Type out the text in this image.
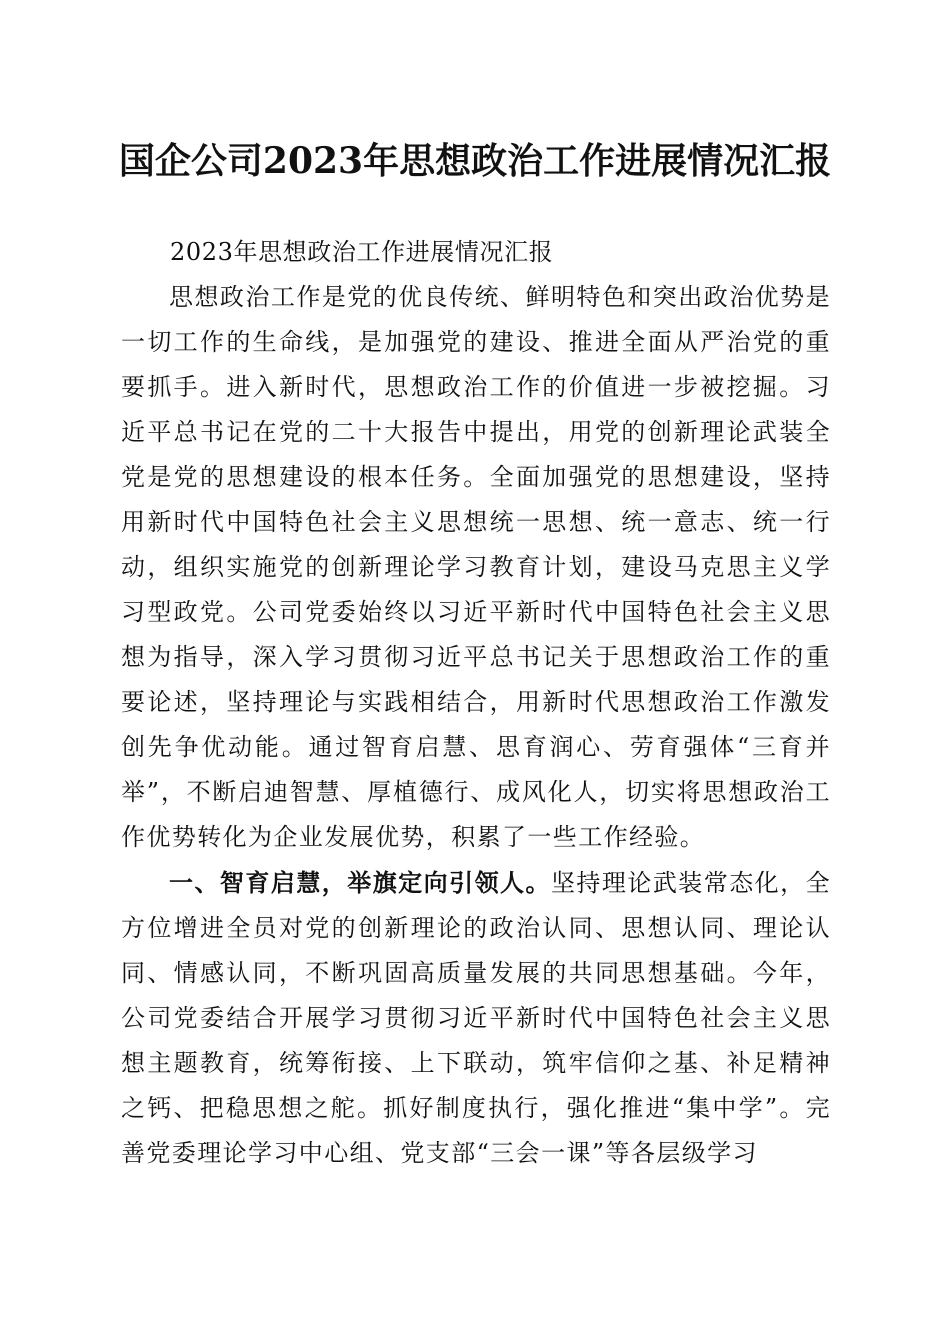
国企公司2023年思想政治工作进展情况汇报
2023年思想政治工作进展情况汇报

思想政治工作是党的优良传统、鲜明特色和突出政治优势是一切工作的生命线，是加强党的建设、推进全面从严治党的重要抓手。进入新时代，思想政治工作的价值进一步被挖掘。习近平总书记在党的二十大报告中提出，用党的创新理论武装全党是党的思想建设的根本任务。全面加强党的思想建设，坚持用新时代中国特色社会主义思想统一思想、统一意志、统一行动，组织实施党的创新理论学习教育计划，建设马克思主义学习型政党。公司党委始终以习近平新时代中国特色社会主义思想为指导，深入学习贯彻习近平总书记关于思想政治工作的重要论述，坚持理论与实践相结合，用新时代思想政治工作激发创先争优动能。通过智育启慧、思育润心、劳育强体“三育并举”，不断启迪智慧、厚植德行、成风化人，切实将思想政治工作优势转化为企业发展优势，积累了一些工作经验。

一、智育启慧，举旗定向引领人。坚持理论武装常态化，全方位增进全员对党的创新理论的政治认同、思想认同、理论认同、情感认同，不断巩固高质量发展的共同思想基础。今年，公司党委结合开展学习贯彻习近平新时代中国特色社会主义思想主题教育，统筹衔接、上下联动，筑牢信仰之基、补足精神之钙、把稳思想之舵。抓好制度执行，强化推进“集中学”。完善党委理论学习中心组、党支部“三会一课”等各层级学习
